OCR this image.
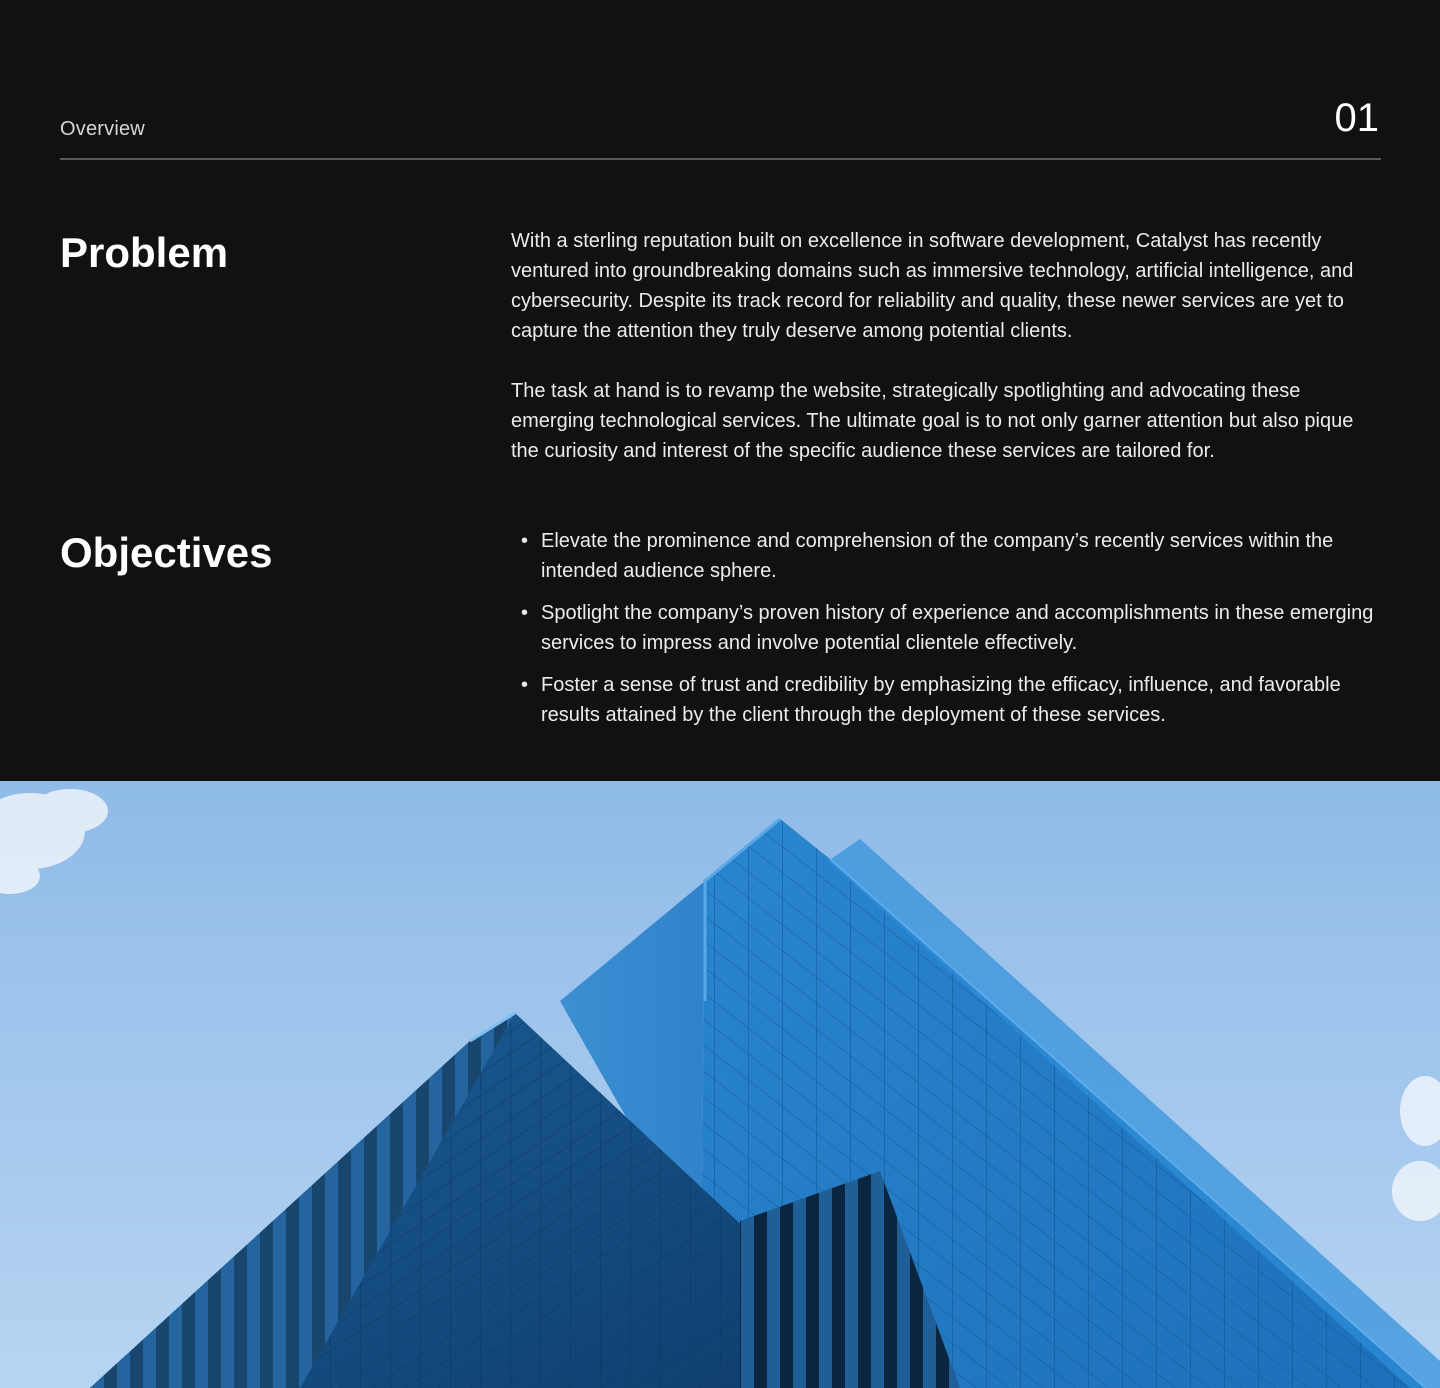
Overview	01
Problem	With a sterling reputation built on excellence in software development, Catalyst has recently ventured into groundbreaking domains such as immersive technology, artificial intelligence, and cybersecurity. Despite its track record for reliability and quality, these newer services are yet to capture the attention they truly deserve among potential clients.

The task at hand is to revamp the website, strategically spotlighting and advocating these emerging technological services. The ultimate goal is to not only garner attention but also pique the curiosity and interest of the specific audience these services are tailored for.

Objectives	• Elevate the prominence and comprehension of the company’s recently services within the intended audience sphere.
• Spotlight the company’s proven history of experience and accomplishments in these emerging services to impress and involve potential clientele effectively.
• Foster a sense of trust and credibility by emphasizing the efficacy, influence, and favorable results attained by the client through the deployment of these services.
